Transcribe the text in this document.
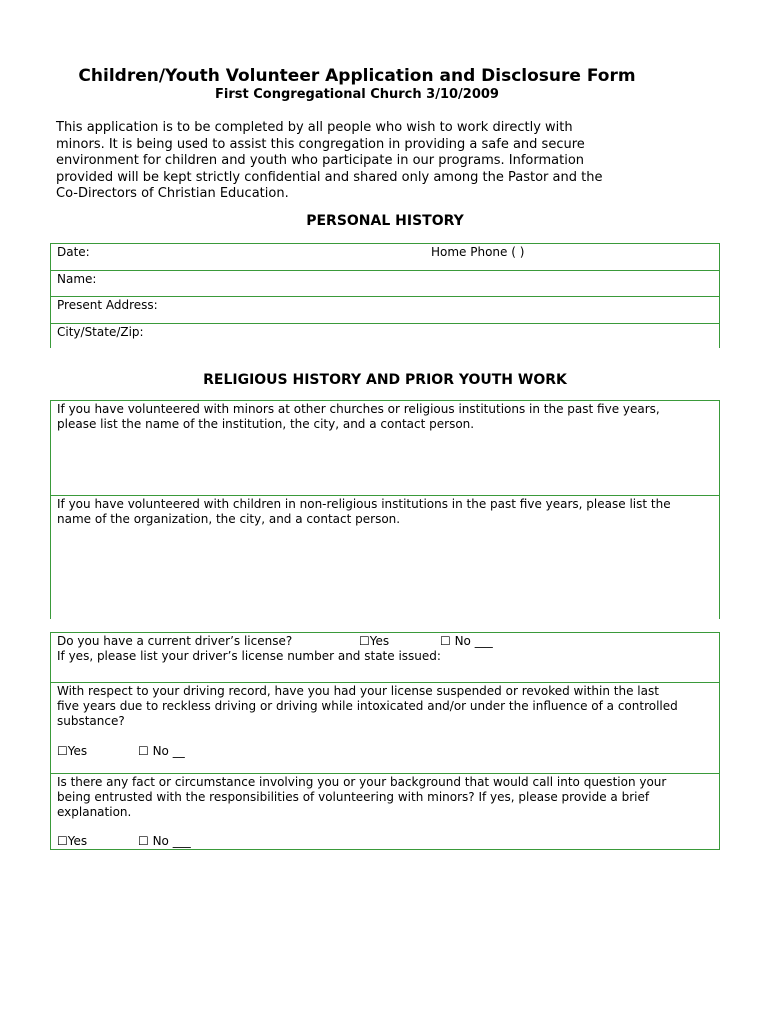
Children/Youth Volunteer Application and Disclosure Form
First Congregational Church 3/10/2009
This application is to be completed by all people who wish to work directly with
minors. It is being used to assist this congregation in providing a safe and secure
environment for children and youth who participate in our programs. Information
provided will be kept strictly confidential and shared only among the Pastor and the
Co-Directors of Christian Education.
PERSONAL HISTORY
Date:	Home Phone ( )
Name:
Present Address:
City/State/Zip:
RELIGIOUS HISTORY AND PRIOR YOUTH WORK
If you have volunteered with minors at other churches or religious institutions in the past five years,
please list the name of the institution, the city, and a contact person.
If you have volunteered with children in non-religious institutions in the past five years, please list the
name of the organization, the city, and a contact person.
Do you have a current driver’s license?	☐Yes	☐ No ___
If yes, please list your driver’s license number and state issued:
With respect to your driving record, have you had your license suspended or revoked within the last
five years due to reckless driving or driving while intoxicated and/or under the influence of a controlled
substance?
☐Yes	☐ No __
Is there any fact or circumstance involving you or your background that would call into question your
being entrusted with the responsibilities of volunteering with minors? If yes, please provide a brief
explanation.
☐Yes	☐ No ___
